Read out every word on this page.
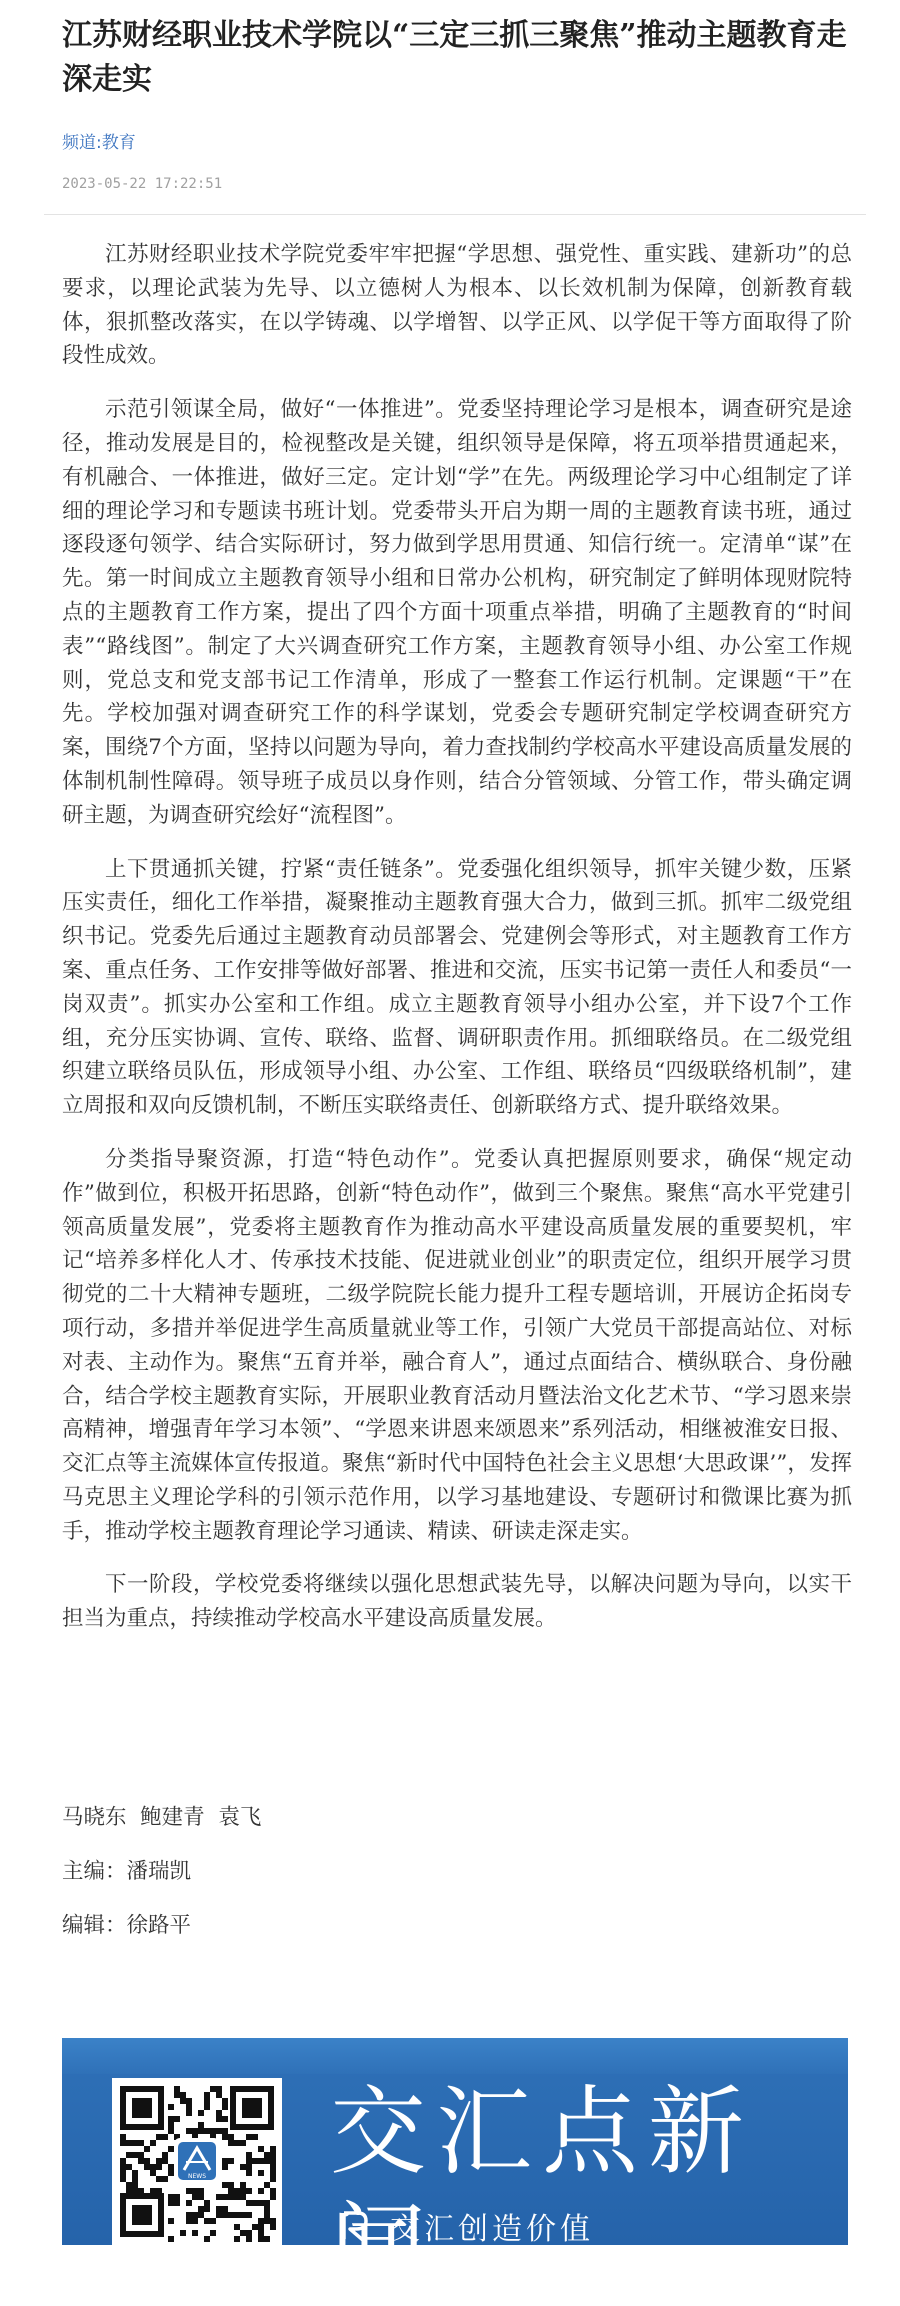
江苏财经职业技术学院以“三定三抓三聚焦”推动主题教育走深走实
频道:教育
2023-05-22 17:22:51

江苏财经职业技术学院党委牢牢把握“学思想、强党性、重实践、建新功”的总要求，以理论武装为先导、以立德树人为根本、以长效机制为保障，创新教育载体，狠抓整改落实，在以学铸魂、以学增智、以学正风、以学促干等方面取得了阶段性成效。

示范引领谋全局，做好“一体推进”。党委坚持理论学习是根本，调查研究是途径，推动发展是目的，检视整改是关键，组织领导是保障，将五项举措贯通起来，有机融合、一体推进，做好三定。定计划“学”在先。两级理论学习中心组制定了详细的理论学习和专题读书班计划。党委带头开启为期一周的主题教育读书班，通过逐段逐句领学、结合实际研讨，努力做到学思用贯通、知信行统一。定清单“谋”在先。第一时间成立主题教育领导小组和日常办公机构，研究制定了鲜明体现财院特点的主题教育工作方案，提出了四个方面十项重点举措，明确了主题教育的“时间表”“路线图”。制定了大兴调查研究工作方案，主题教育领导小组、办公室工作规则，党总支和党支部书记工作清单，形成了一整套工作运行机制。定课题“干”在先。学校加强对调查研究工作的科学谋划，党委会专题研究制定学校调查研究方案，围绕7个方面，坚持以问题为导向，着力查找制约学校高水平建设高质量发展的体制机制性障碍。领导班子成员以身作则，结合分管领域、分管工作，带头确定调研主题，为调查研究绘好“流程图”。

上下贯通抓关键，拧紧“责任链条”。党委强化组织领导，抓牢关键少数，压紧压实责任，细化工作举措，凝聚推动主题教育强大合力，做到三抓。抓牢二级党组织书记。党委先后通过主题教育动员部署会、党建例会等形式，对主题教育工作方案、重点任务、工作安排等做好部署、推进和交流，压实书记第一责任人和委员“一岗双责”。抓实办公室和工作组。成立主题教育领导小组办公室，并下设7个工作组，充分压实协调、宣传、联络、监督、调研职责作用。抓细联络员。在二级党组织建立联络员队伍，形成领导小组、办公室、工作组、联络员“四级联络机制”，建立周报和双向反馈机制，不断压实联络责任、创新联络方式、提升联络效果。

分类指导聚资源，打造“特色动作”。党委认真把握原则要求，确保“规定动作”做到位，积极开拓思路，创新“特色动作”，做到三个聚焦。聚焦“高水平党建引领高质量发展”，党委将主题教育作为推动高水平建设高质量发展的重要契机，牢记“培养多样化人才、传承技术技能、促进就业创业”的职责定位，组织开展学习贯彻党的二十大精神专题班，二级学院院长能力提升工程专题培训，开展访企拓岗专项行动，多措并举促进学生高质量就业等工作，引领广大党员干部提高站位、对标对表、主动作为。聚焦“五育并举，融合育人”，通过点面结合、横纵联合、身份融合，结合学校主题教育实际，开展职业教育活动月暨法治文化艺术节、“学习恩来崇高精神，增强青年学习本领”、“学恩来讲恩来颂恩来”系列活动，相继被淮安日报、交汇点等主流媒体宣传报道。聚焦“新时代中国特色社会主义思想‘大思政课’”，发挥马克思主义理论学科的引领示范作用，以学习基地建设、专题研讨和微课比赛为抓手，推动学校主题教育理论学习通读、精读、研读走深走实。

下一阶段，学校党委将继续以强化思想武装先导，以解决问题为导向，以实干担当为重点，持续推动学校高水平建设高质量发展。

马晓东  鲍建青  袁飞
主编：潘瑞凯
编辑：徐路平
NEWS 交汇点新闻
交汇创造价值
